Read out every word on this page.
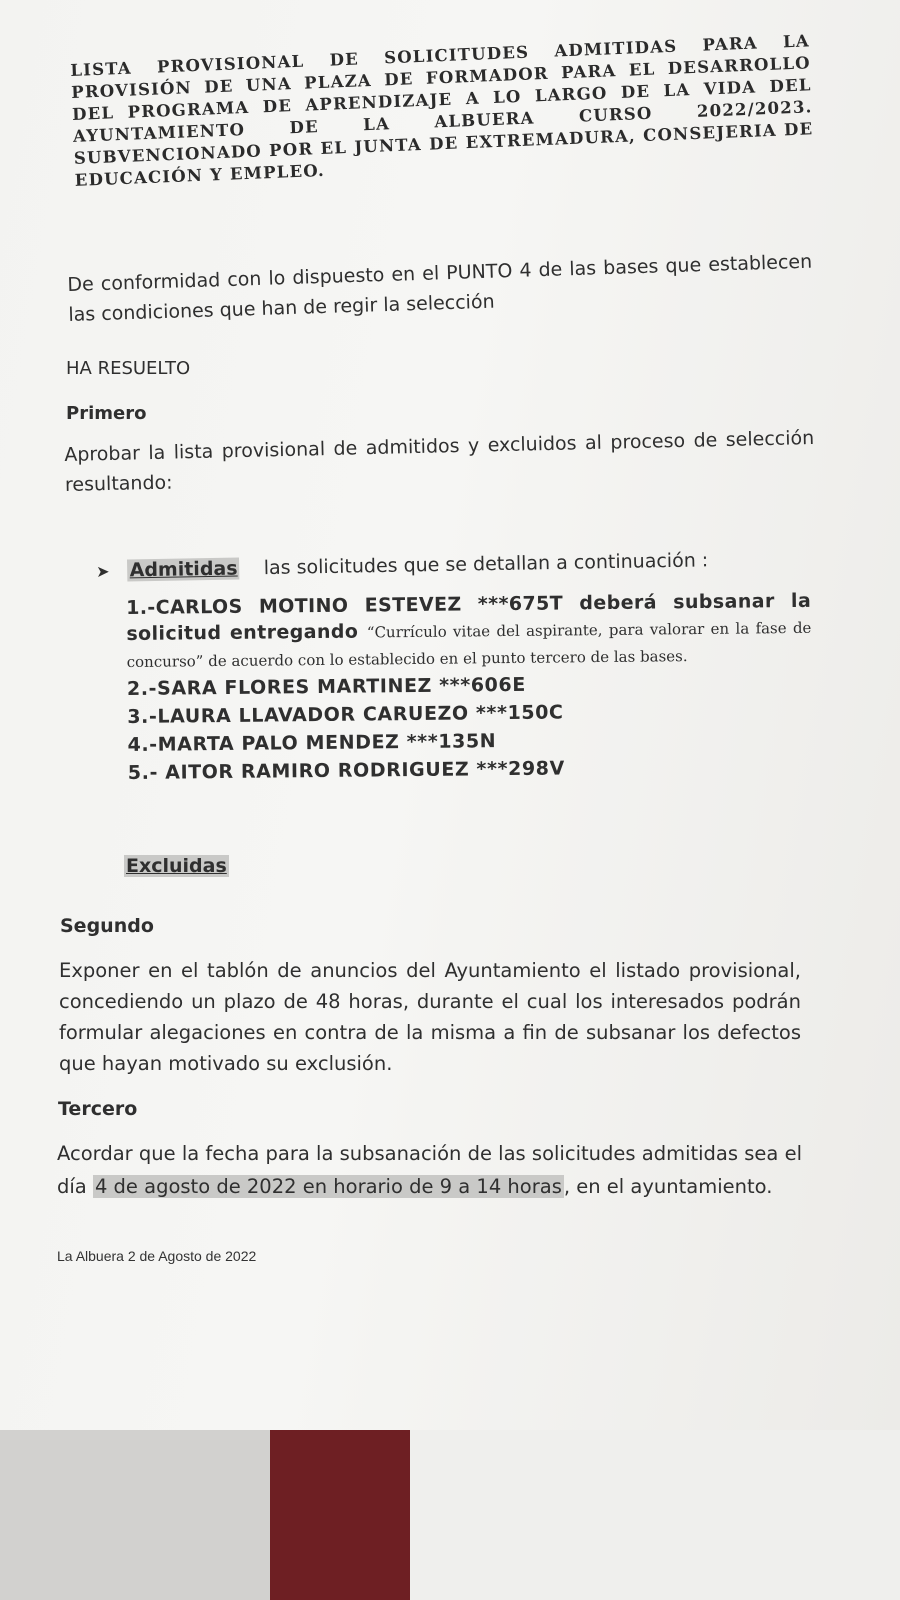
LISTA PROVISIONAL DE SOLICITUDES ADMITIDAS PARA LA PROVISIÓN DE UNA PLAZA DE FORMADOR PARA EL DESARROLLO DEL PROGRAMA DE APRENDIZAJE A LO LARGO DE LA VIDA DEL AYUNTAMIENTO DE LA ALBUERA CURSO 2022/2023. SUBVENCIONADO POR EL JUNTA DE EXTREMADURA, CONSEJERIA DE EDUCACIÓN Y EMPLEO.
De conformidad con lo dispuesto en el PUNTO 4 de las bases que establecen las condiciones que han de regir la selección
HA RESUELTO
Primero
Aprobar la lista provisional de admitidos y excluidos al proceso de selección resultando:
➤ Admitidas las solicitudes que se detallan a continuación :
1.-CARLOS MOTINO ESTEVEZ ***675T deberá subsanar la solicitud entregando “Currículo vitae del aspirante, para valorar en la fase de concurso” de acuerdo con lo establecido en el punto tercero de las bases.
2.-SARA FLORES MARTINEZ ***606E
3.-LAURA LLAVADOR CARUEZO ***150C
4.-MARTA PALO MENDEZ ***135N
5.- AITOR RAMIRO RODRIGUEZ ***298V
Excluidas
Segundo
Exponer en el tablón de anuncios del Ayuntamiento el listado provisional, concediendo un plazo de 48 horas, durante el cual los interesados podrán formular alegaciones en contra de la misma a fin de subsanar los defectos que hayan motivado su exclusión.
Tercero
Acordar que la fecha para la subsanación de las solicitudes admitidas sea el día 4 de agosto de 2022 en horario de 9 a 14 horas , en el ayuntamiento.
La Albuera 2 de Agosto de 2022
